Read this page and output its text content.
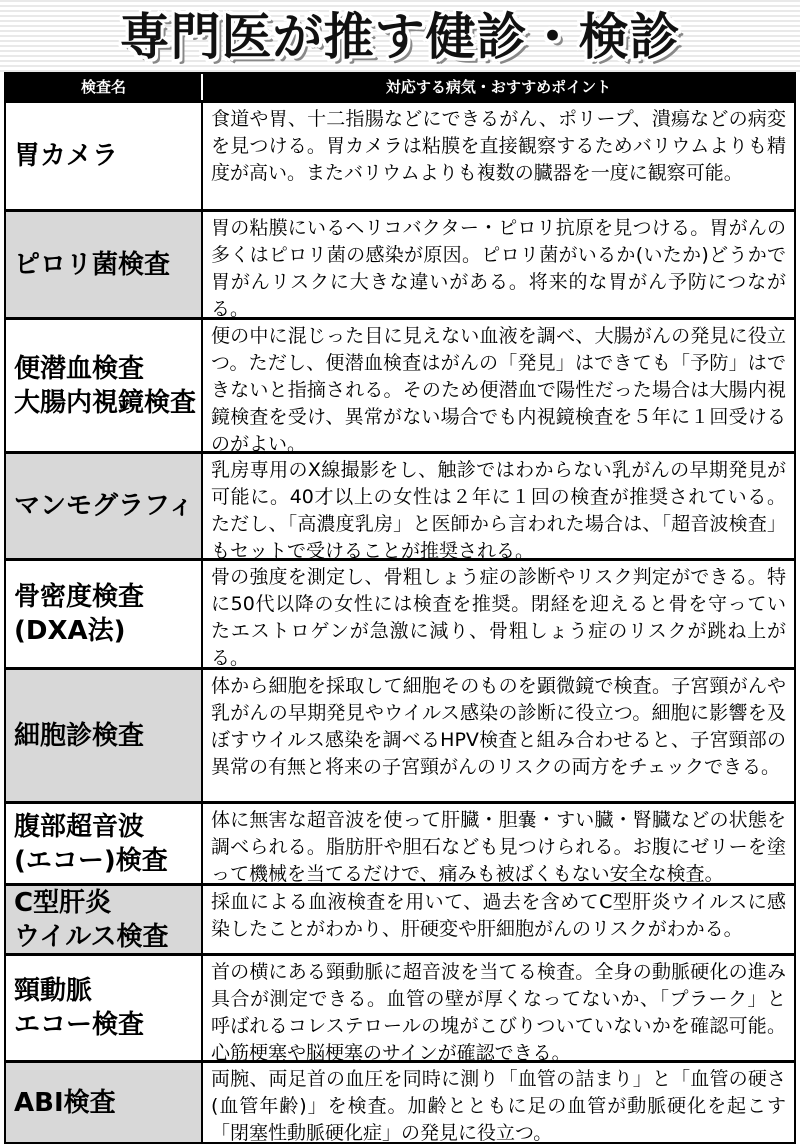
専門医が推す健診・検診
検査名	対応する病気・おすすめポイント
胃カメラ
食道や胃、十二指腸などにできるがん、ポリープ、潰瘍などの病変を見つける。胃カメラは粘膜を直接観察するためバリウムよりも精度が高い。またバリウムよりも複数の臓器を一度に観察可能。
ピロリ菌検査
胃の粘膜にいるヘリコバクター・ピロリ抗原を見つける。胃がんの多くはピロリ菌の感染が原因。ピロリ菌がいるか(いたか)どうかで胃がんリスクに大きな違いがある。将来的な胃がん予防につながる。
便潜血検査
大腸内視鏡検査
便の中に混じった目に見えない血液を調べ、大腸がんの発見に役立つ。ただし、便潜血検査はがんの「発見」はできても「予防」はできないと指摘される。そのため便潜血で陽性だった場合は大腸内視鏡検査を受け、異常がない場合でも内視鏡検査を５年に１回受けるのがよい。
マンモグラフィ
乳房専用のX線撮影をし、触診ではわからない乳がんの早期発見が可能に。40才以上の女性は２年に１回の検査が推奨されている。ただし、「高濃度乳房」と医師から言われた場合は、「超音波検査」もセットで受けることが推奨される。
骨密度検査
(DXA法)
骨の強度を測定し、骨粗しょう症の診断やリスク判定ができる。特に50代以降の女性には検査を推奨。閉経を迎えると骨を守っていたエストロゲンが急激に減り、骨粗しょう症のリスクが跳ね上がる。
細胞診検査
体から細胞を採取して細胞そのものを顕微鏡で検査。子宮頸がんや乳がんの早期発見やウイルス感染の診断に役立つ。細胞に影響を及ぼすウイルス感染を調べるHPV検査と組み合わせると、子宮頸部の異常の有無と将来の子宮頸がんのリスクの両方をチェックできる。
腹部超音波
(エコー)検査
体に無害な超音波を使って肝臓・胆嚢・すい臓・腎臓などの状態を調べられる。脂肪肝や胆石なども見つけられる。お腹にゼリーを塗って機械を当てるだけで、痛みも被ばくもない安全な検査。
C型肝炎
ウイルス検査
採血による血液検査を用いて、過去を含めてC型肝炎ウイルスに感染したことがわかり、肝硬変や肝細胞がんのリスクがわかる。
頸動脈
エコー検査
首の横にある頸動脈に超音波を当てる検査。全身の動脈硬化の進み具合が測定できる。血管の壁が厚くなってないか、「プラーク」と呼ばれるコレステロールの塊がこびりついていないかを確認可能。心筋梗塞や脳梗塞のサインが確認できる。
ABI検査
両腕、両足首の血圧を同時に測り「血管の詰まり」と「血管の硬さ(血管年齢)」を検査。加齢とともに足の血管が動脈硬化を起こす「閉塞性動脈硬化症」の発見に役立つ。
